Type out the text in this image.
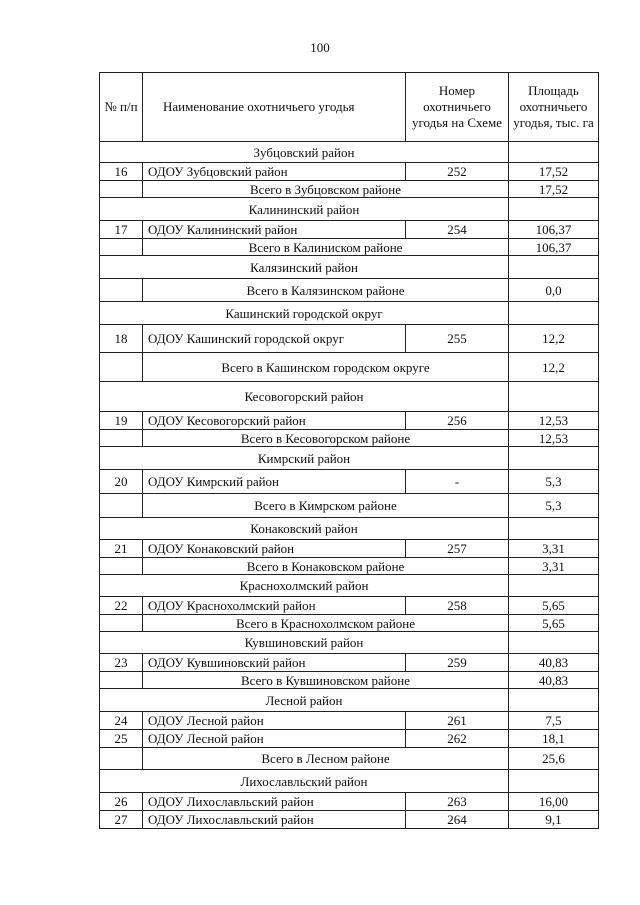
100
№ п/п	Наименование охотничьего угодья	Номер охотничьего угодья на Схеме	Площадь охотничьего угодья, тыс. га
Зубцовский район			
16	ОДОУ Зубцовский район	252	17,52
	Всего в Зубцовском районе		17,52
Калининский район			
17	ОДОУ Калининский район	254	106,37
	Всего в Калиниском районе		106,37
Калязинский район			
	Всего в Калязинском районе		0,0
Кашинский городской округ			
18	ОДОУ Кашинский городской округ	255	12,2
	Всего в Кашинском городском округе		12,2
Кесовогорский район			
19	ОДОУ Кесовогорский район	256	12,53
	Всего в Кесовогорском районе		12,53
Кимрский район			
20	ОДОУ Кимрский район	-	5,3
	Всего в Кимрском районе		5,3
Конаковский район			
21	ОДОУ Конаковский район	257	3,31
	Всего в Конаковском районе		3,31
Краснохолмский район			
22	ОДОУ Краснохолмский район	258	5,65
	Всего в Краснохолмском районе		5,65
Кувшиновский район			
23	ОДОУ Кувшиновский район	259	40,83
	Всего в Кувшиновском районе		40,83
Лесной район			
24	ОДОУ Лесной район	261	7,5
25	ОДОУ Лесной район	262	18,1
	Всего в Лесном районе		25,6
Лихославльский район			
26	ОДОУ Лихославльский район	263	16,00
27	ОДОУ Лихославльский район	264	9,1
